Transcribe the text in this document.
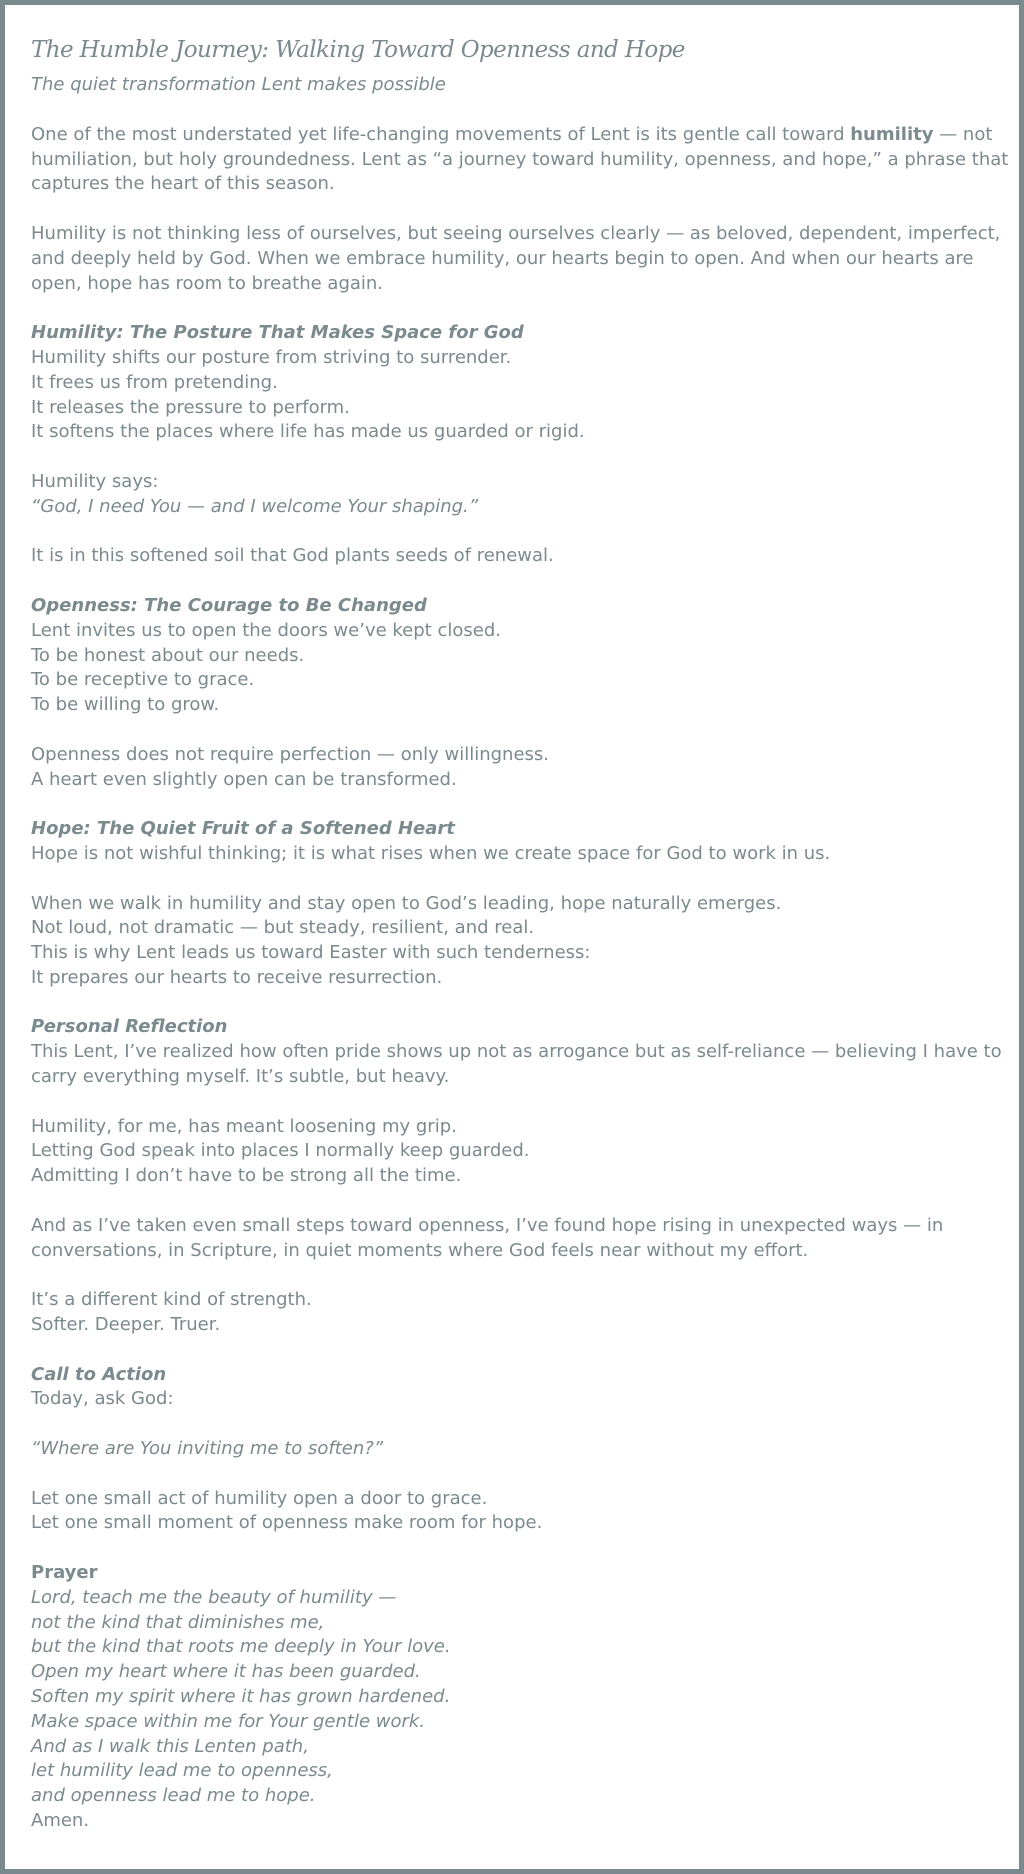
The Humble Journey: Walking Toward Openness and Hope
The quiet transformation Lent makes possible

One of the most understated yet life-changing movements of Lent is its gentle call toward humility — not humiliation, but holy groundedness. Lent as “a journey toward humility, openness, and hope,” a phrase that captures the heart of this season.

Humility is not thinking less of ourselves, but seeing ourselves clearly — as beloved, dependent, imperfect, and deeply held by God. When we embrace humility, our hearts begin to open. And when our hearts are open, hope has room to breathe again.

Humility: The Posture That Makes Space for God
Humility shifts our posture from striving to surrender.
It frees us from pretending.
It releases the pressure to perform.
It softens the places where life has made us guarded or rigid.

Humility says:
“God, I need You — and I welcome Your shaping.”

It is in this softened soil that God plants seeds of renewal.

Openness: The Courage to Be Changed
Lent invites us to open the doors we’ve kept closed.
To be honest about our needs.
To be receptive to grace.
To be willing to grow.

Openness does not require perfection — only willingness.
A heart even slightly open can be transformed.

Hope: The Quiet Fruit of a Softened Heart
Hope is not wishful thinking; it is what rises when we create space for God to work in us.

When we walk in humility and stay open to God’s leading, hope naturally emerges.
Not loud, not dramatic — but steady, resilient, and real.
This is why Lent leads us toward Easter with such tenderness:
It prepares our hearts to receive resurrection.

Personal Reflection
This Lent, I’ve realized how often pride shows up not as arrogance but as self-reliance — believing I have to carry everything myself. It’s subtle, but heavy.

Humility, for me, has meant loosening my grip.
Letting God speak into places I normally keep guarded.
Admitting I don’t have to be strong all the time.

And as I’ve taken even small steps toward openness, I’ve found hope rising in unexpected ways — in conversations, in Scripture, in quiet moments where God feels near without my effort.

It’s a different kind of strength.
Softer. Deeper. Truer.

Call to Action
Today, ask God:

“Where are You inviting me to soften?”

Let one small act of humility open a door to grace.
Let one small moment of openness make room for hope.

Prayer
Lord, teach me the beauty of humility —
not the kind that diminishes me,
but the kind that roots me deeply in Your love.
Open my heart where it has been guarded.
Soften my spirit where it has grown hardened.
Make space within me for Your gentle work.
And as I walk this Lenten path,
let humility lead me to openness,
and openness lead me to hope.
Amen.
